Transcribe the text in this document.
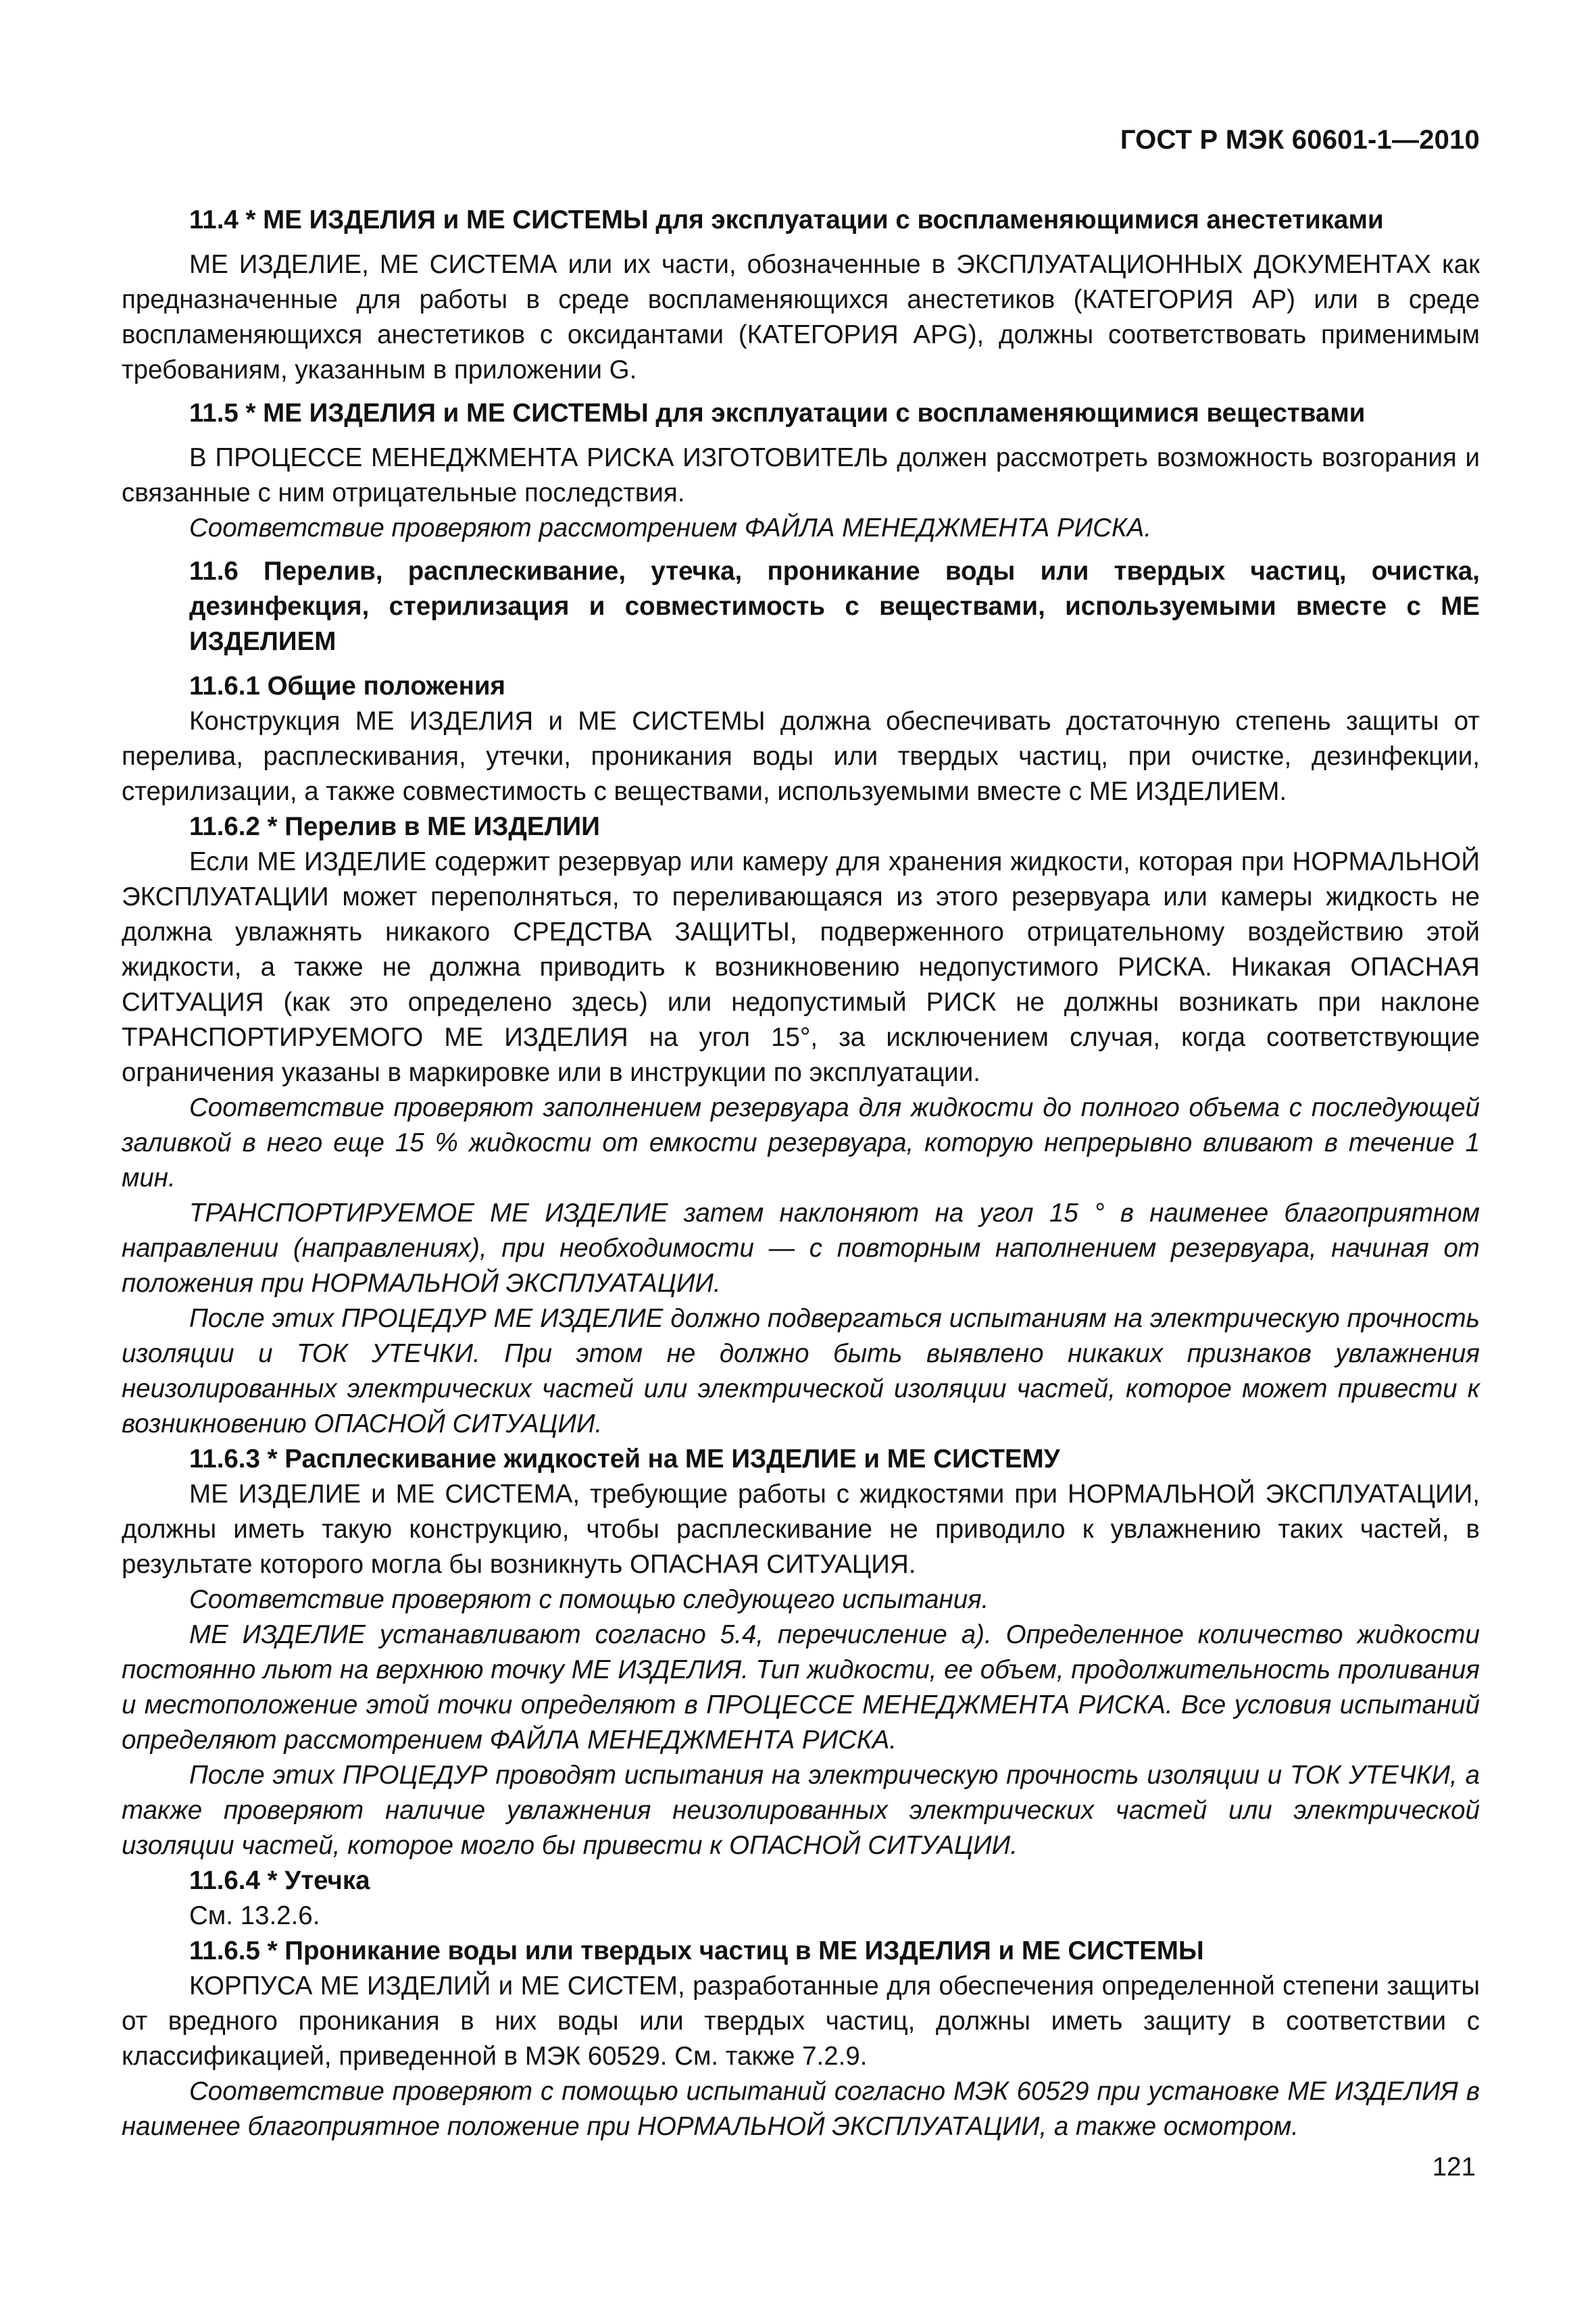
ГОСТ Р МЭК 60601-1—2010
11.4 * МЕ ИЗДЕЛИЯ и МЕ СИСТЕМЫ для эксплуатации с воспламеняющимися анестетиками

МЕ ИЗДЕЛИЕ, МЕ СИСТЕМА или их части, обозначенные в ЭКСПЛУАТАЦИОННЫХ ДОКУМЕНТАХ как предназначенные для работы в среде воспламеняющихся анестетиков (КАТЕГОРИЯ АР) или в среде воспламеняющихся анестетиков с оксидантами (КАТЕГОРИЯ APG), должны соответствовать применимым требованиям, указанным в приложении G.

11.5 * МЕ ИЗДЕЛИЯ и МЕ СИСТЕМЫ для эксплуатации с воспламеняющимися веществами

В ПРОЦЕССЕ МЕНЕДЖМЕНТА РИСКА ИЗГОТОВИТЕЛЬ должен рассмотреть возможность возгорания и связанные с ним отрицательные последствия.

Соответствие проверяют рассмотрением ФАЙЛА МЕНЕДЖМЕНТА РИСКА.

11.6 Перелив, расплескивание, утечка, проникание воды или твердых частиц, очистка, дезинфекция, стерилизация и совместимость с веществами, используемыми вместе с МЕ ИЗДЕЛИЕМ
11.6.1 Общие положения

Конструкция МЕ ИЗДЕЛИЯ и МЕ СИСТЕМЫ должна обеспечивать достаточную степень защиты от перелива, расплескивания, утечки, проникания воды или твердых частиц, при очистке, дезинфекции, стерилизации, а также совместимость с веществами, используемыми вместе с МЕ ИЗДЕЛИЕМ.

11.6.2 * Перелив в МЕ ИЗДЕЛИИ

Если МЕ ИЗДЕЛИЕ содержит резервуар или камеру для хранения жидкости, которая при НОРМАЛЬНОЙ ЭКСПЛУАТАЦИИ может переполняться, то переливающаяся из этого резервуара или камеры жидкость не должна увлажнять никакого СРЕДСТВА ЗАЩИТЫ, подверженного отрицательному воздействию этой жидкости, а также не должна приводить к возникновению недопустимого РИСКА. Никакая ОПАСНАЯ СИТУАЦИЯ (как это определено здесь) или недопустимый РИСК не должны возникать при наклоне ТРАНСПОРТИРУЕМОГО МЕ ИЗДЕЛИЯ на угол 15°, за исключением случая, когда соответствующие ограничения указаны в маркировке или в инструкции по эксплуатации.

Соответствие проверяют заполнением резервуара для жидкости до полного объема с последующей заливкой в него еще 15 % жидкости от емкости резервуара, которую непрерывно вливают в течение 1 мин.

ТРАНСПОРТИРУЕМОЕ МЕ ИЗДЕЛИЕ затем наклоняют на угол 15 ° в наименее благоприятном направлении (направлениях), при необходимости — с повторным наполнением резервуара, начиная от положения при НОРМАЛЬНОЙ ЭКСПЛУАТАЦИИ.

После этих ПРОЦЕДУР МЕ ИЗДЕЛИЕ должно подвергаться испытаниям на электрическую прочность изоляции и ТОК УТЕЧКИ. При этом не должно быть выявлено никаких признаков увлажнения неизолированных электрических частей или электрической изоляции частей, которое может привести к возникновению ОПАСНОЙ СИТУАЦИИ.

11.6.3 * Расплескивание жидкостей на МЕ ИЗДЕЛИЕ и МЕ СИСТЕМУ

МЕ ИЗДЕЛИЕ и МЕ СИСТЕМА, требующие работы с жидкостями при НОРМАЛЬНОЙ ЭКСПЛУАТАЦИИ, должны иметь такую конструкцию, чтобы расплескивание не приводило к увлажнению таких частей, в результате которого могла бы возникнуть ОПАСНАЯ СИТУАЦИЯ.

Соответствие проверяют с помощью следующего испытания.

МЕ ИЗДЕЛИЕ устанавливают согласно 5.4, перечисление а). Определенное количество жидкости постоянно льют на верхнюю точку МЕ ИЗДЕЛИЯ. Тип жидкости, ее объем, продолжительность проливания и местоположение этой точки определяют в ПРОЦЕССЕ МЕНЕДЖМЕНТА РИСКА. Все условия испытаний определяют рассмотрением ФАЙЛА МЕНЕДЖМЕНТА РИСКА.

После этих ПРОЦЕДУР проводят испытания на электрическую прочность изоляции и ТОК УТЕЧКИ, а также проверяют наличие увлажнения неизолированных электрических частей или электрической изоляции частей, которое могло бы привести к ОПАСНОЙ СИТУАЦИИ.

11.6.4 * Утечка

См. 13.2.6.

11.6.5 * Проникание воды или твердых частиц в МЕ ИЗДЕЛИЯ и МЕ СИСТЕМЫ

КОРПУСА МЕ ИЗДЕЛИЙ и МЕ СИСТЕМ, разработанные для обеспечения определенной степени защиты от вредного проникания в них воды или твердых частиц, должны иметь защиту в соответствии с классификацией, приведенной в МЭК 60529. См. также 7.2.9.

Соответствие проверяют с помощью испытаний согласно МЭК 60529 при установке МЕ ИЗДЕЛИЯ в наименее благоприятное положение при НОРМАЛЬНОЙ ЭКСПЛУАТАЦИИ, а также осмотром.

121
